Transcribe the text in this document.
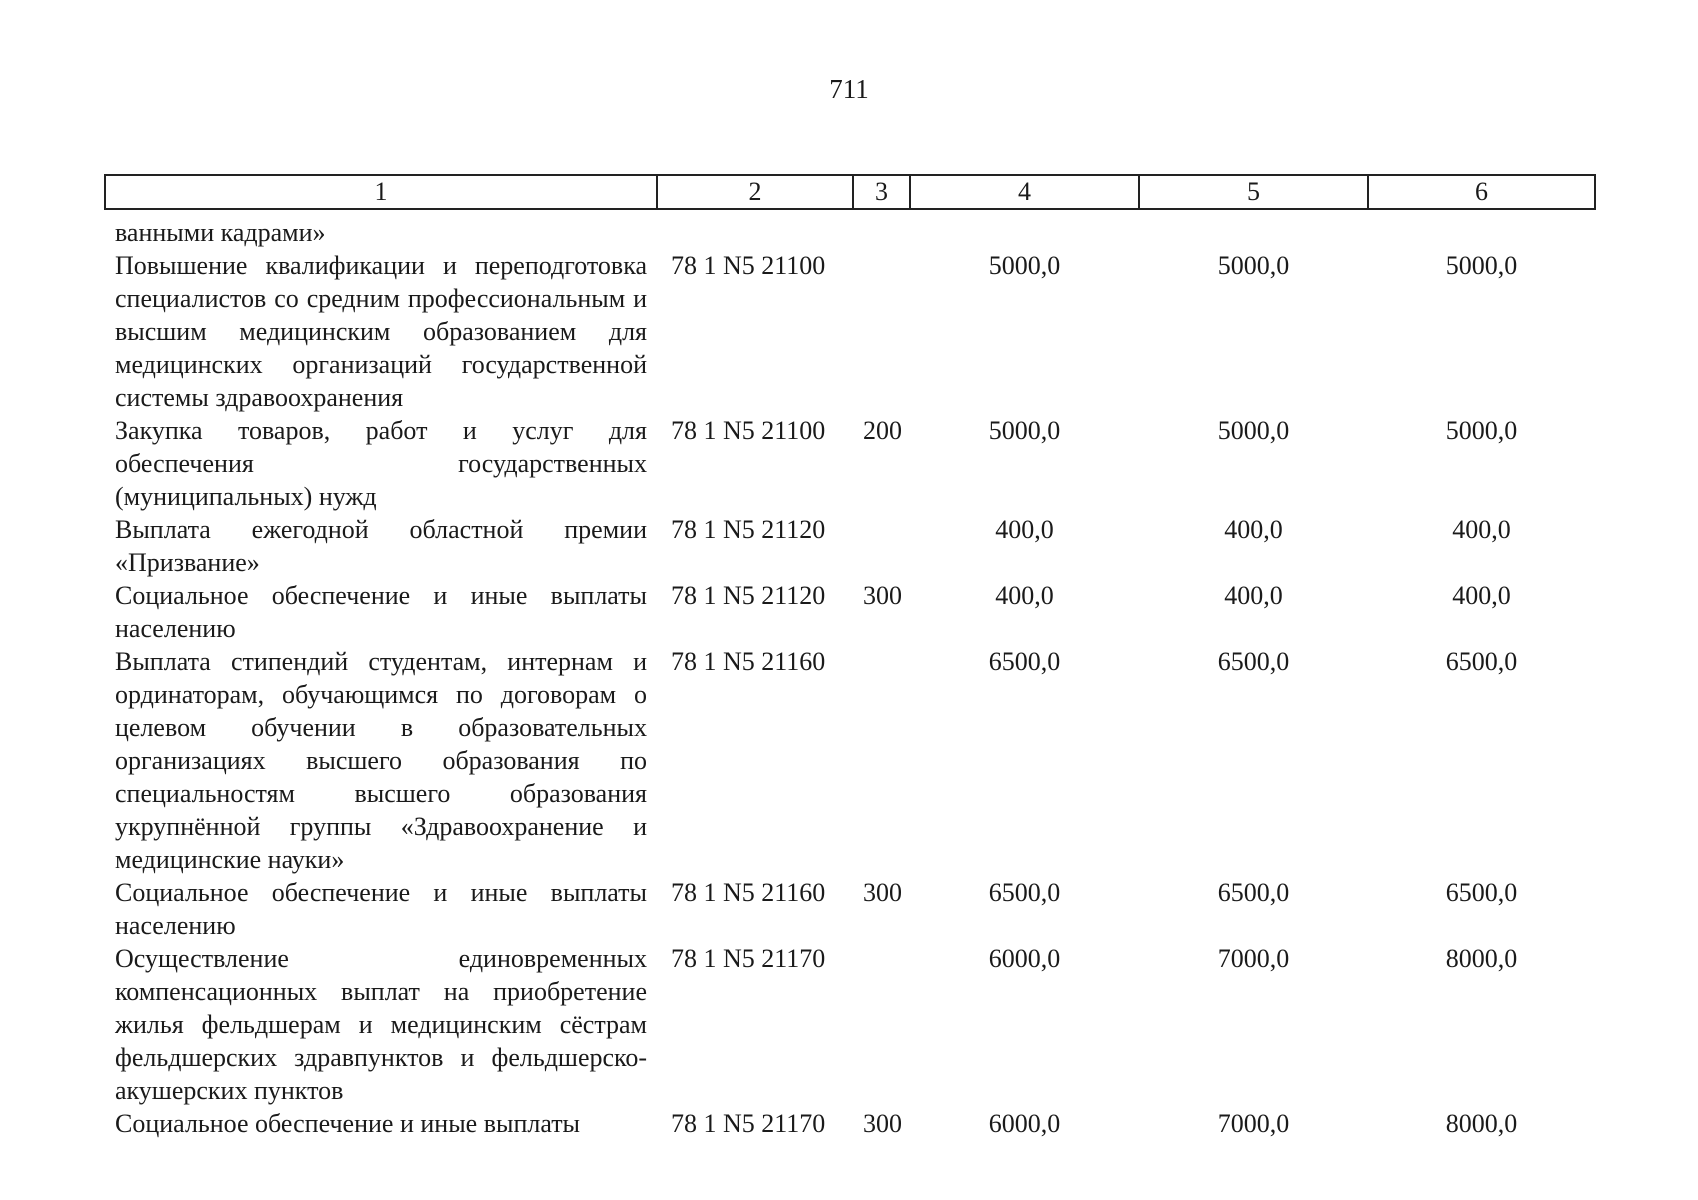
711
1	2	3	4	5	6
ванными кадрами»					
Повышение квалификации и переподготовка специалистов со средним профессиональным и высшим медицинским образованием для медицинских организаций государственной системы здравоохранения	78 1 N5 21100		5000,0	5000,0	5000,0
Закупка товаров, работ и услуг для обеспечения государственных (муниципальных) нужд	78 1 N5 21100	200	5000,0	5000,0	5000,0
Выплата ежегодной областной премии «Призвание»	78 1 N5 21120		400,0	400,0	400,0
Социальное обеспечение и иные выплаты населению	78 1 N5 21120	300	400,0	400,0	400,0
Выплата стипендий студентам, интернам и ординаторам, обучающимся по договорам о целевом обучении в образовательных организациях высшего образования по специальностям высшего образования укрупнённой группы «Здравоохранение и медицинские науки»	78 1 N5 21160		6500,0	6500,0	6500,0
Социальное обеспечение и иные выплаты населению	78 1 N5 21160	300	6500,0	6500,0	6500,0
Осуществление единовременных компенсационных выплат на приобретение жилья фельдшерам и медицинским сёстрам фельдшерских здравпунктов и фельдшерско-акушерских пунктов	78 1 N5 21170		6000,0	7000,0	8000,0
Социальное обеспечение и иные выплаты	78 1 N5 21170	300	6000,0	7000,0	8000,0
